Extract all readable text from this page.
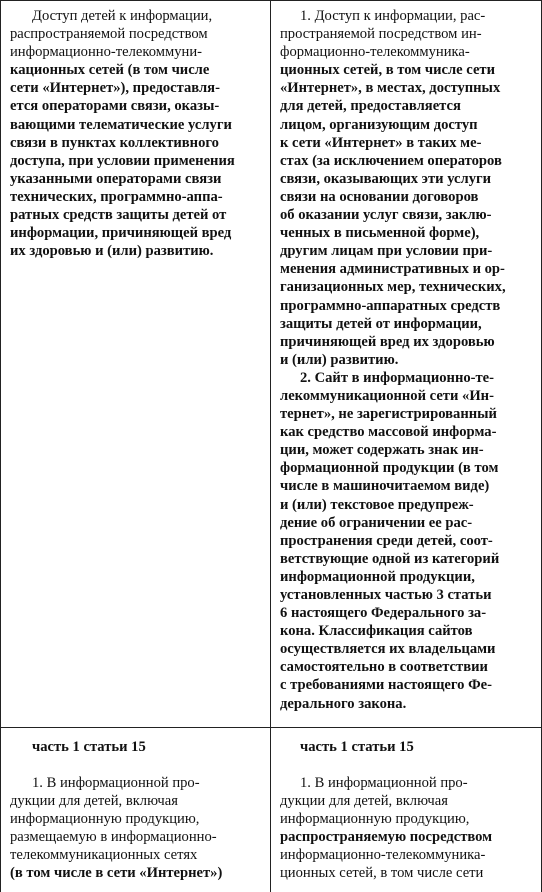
Доступ детей к информации,
распространяемой посредством
информационно-телекоммуни-
кационных сетей (в том числе
сети «Интернет»), предоставля-
ется операторами связи, оказы-
вающими телематические услуги
связи в пунктах коллективного
доступа, при условии применения
указанными операторами связи
технических, программно-аппа-
ратных средств защиты детей от
информации, причиняющей вред
их здоровью и (или) развитию.
1. Доступ к информации, рас-
пространяемой посредством ин-
формационно-телекоммуника-
ционных сетей, в том числе сети
«Интернет», в местах, доступных
для детей, предоставляется
лицом, организующим доступ
к сети «Интернет» в таких ме-
стах (за исключением операторов
связи, оказывающих эти услуги
связи на основании договоров
об оказании услуг связи, заклю-
ченных в письменной форме),
другим лицам при условии при-
менения административных и ор-
ганизационных мер, технических,
программно-аппаратных средств
защиты детей от информации,
причиняющей вред их здоровью
и (или) развитию.
2. Сайт в информационно-те-
лекоммуникационной сети «Ин-
тернет», не зарегистрированный
как средство массовой информа-
ции, может содержать знак ин-
формационной продукции (в том
числе в машиночитаемом виде)
и (или) текстовое предупреж-
дение об ограничении ее рас-
пространения среди детей, соот-
ветствующие одной из категорий
информационной продукции,
установленных частью 3 статьи
6 настоящего Федерального за-
кона. Классификация сайтов
осуществляется их владельцами
самостоятельно в соответствии
с требованиями настоящего Фе-
дерального закона.
часть 1 статьи 15	часть 1 статьи 15
1. В информационной про-
дукции для детей, включая
информационную продукцию,
размещаемую в информационно-
телекоммуникационных сетях
(в том числе в сети «Интернет»)
1. В информационной про-
дукции для детей, включая
информационную продукцию,
распространяемую посредством
информационно-телекоммуника-
ционных сетей, в том числе сети
